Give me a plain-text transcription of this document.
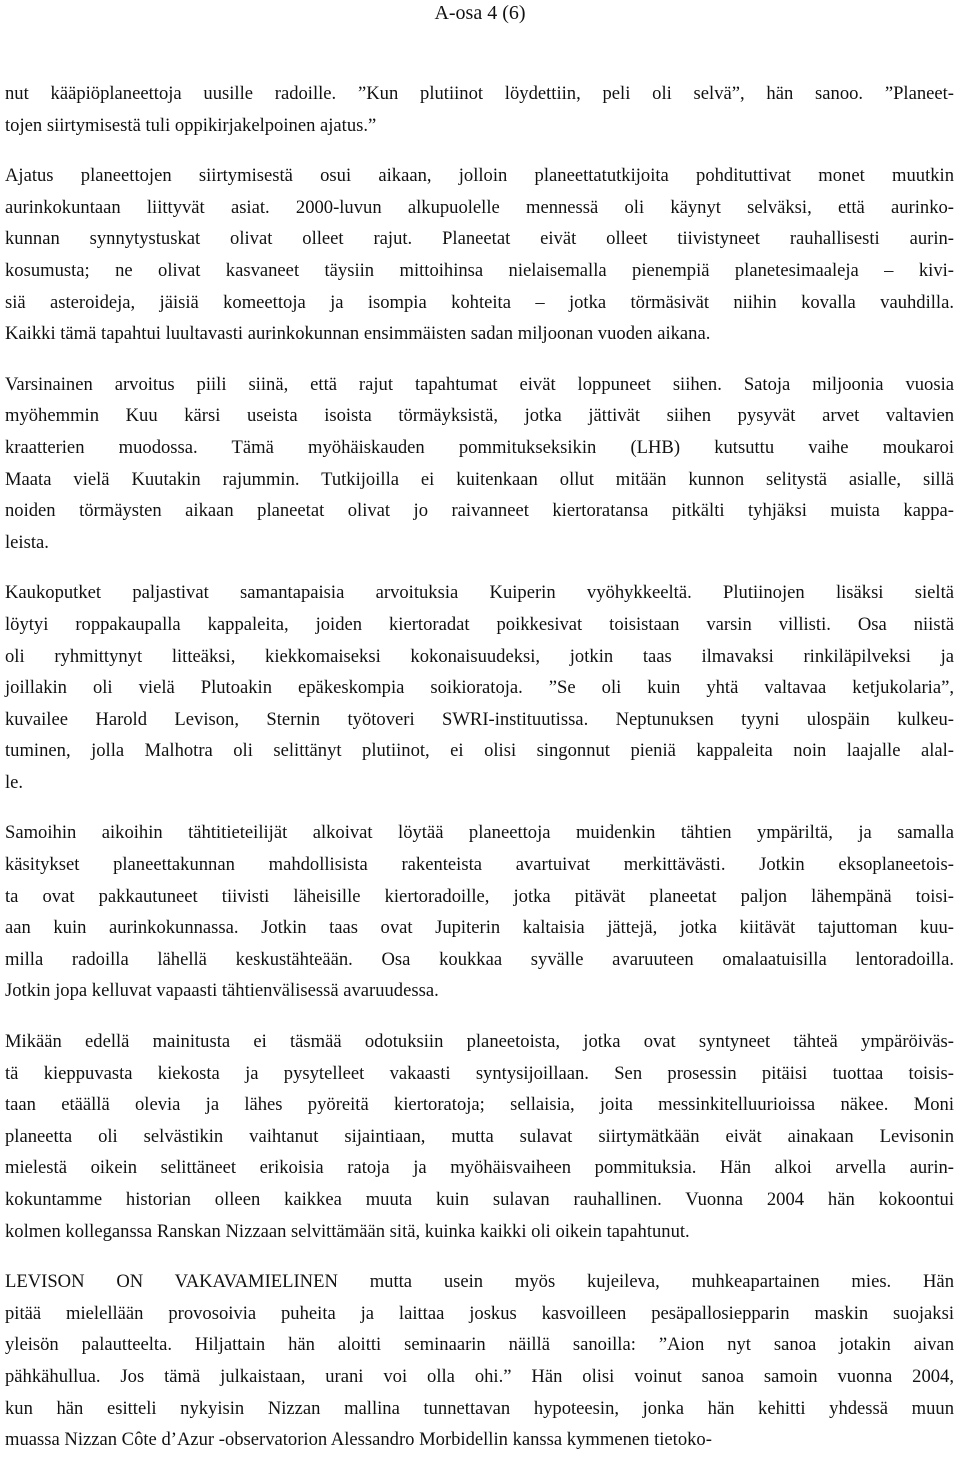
A-osa 4 (6)
nut kääpiöplaneettoja uusille radoille. ”Kun plutiinot löydettiin, peli oli selvä”, hän sanoo. ”Planeet-
tojen siirtymisestä tuli oppikirjakelpoinen ajatus.”
Ajatus planeettojen siirtymisestä osui aikaan, jolloin planeettatutkijoita pohdituttivat monet muutkin
aurinkokuntaan liittyvät asiat. 2000-luvun alkupuolelle mennessä oli käynyt selväksi, että aurinko-
kunnan synnytystuskat olivat olleet rajut. Planeetat eivät olleet tiivistyneet rauhallisesti aurin-
kosumusta; ne olivat kasvaneet täysiin mittoihinsa nielaisemalla pienempiä planetesimaaleja – kivi-
siä asteroideja, jäisiä komeettoja ja isompia kohteita – jotka törmäsivät niihin kovalla vauhdilla.
Kaikki tämä tapahtui luultavasti aurinkokunnan ensimmäisten sadan miljoonan vuoden aikana.
Varsinainen arvoitus piili siinä, että rajut tapahtumat eivät loppuneet siihen. Satoja miljoonia vuosia
myöhemmin Kuu kärsi useista isoista törmäyksistä, jotka jättivät siihen pysyvät arvet valtavien
kraatterien muodossa. Tämä myöhäiskauden pommitukseksikin (LHB) kutsuttu vaihe moukaroi
Maata vielä Kuutakin rajummin. Tutkijoilla ei kuitenkaan ollut mitään kunnon selitystä asialle, sillä
noiden törmäysten aikaan planeetat olivat jo raivanneet kiertoratansa pitkälti tyhjäksi muista kappa-
leista.
Kaukoputket paljastivat samantapaisia arvoituksia Kuiperin vyöhykkeeltä. Plutiinojen lisäksi sieltä
löytyi roppakaupalla kappaleita, joiden kiertoradat poikkesivat toisistaan varsin villisti. Osa niistä
oli ryhmittynyt litteäksi, kiekkomaiseksi kokonaisuudeksi, jotkin taas ilmavaksi rinkiläpilveksi ja
joillakin oli vielä Plutoakin epäkeskompia soikioratoja. ”Se oli kuin yhtä valtavaa ketjukolaria”,
kuvailee Harold Levison, Sternin työtoveri SWRI-instituutissa. Neptunuksen tyyni ulospäin kulkeu-
tuminen, jolla Malhotra oli selittänyt plutiinot, ei olisi singonnut pieniä kappaleita noin laajalle alal-
le.
Samoihin aikoihin tähtitieteilijät alkoivat löytää planeettoja muidenkin tähtien ympäriltä, ja samalla
käsitykset planeettakunnan mahdollisista rakenteista avartuivat merkittävästi. Jotkin eksoplaneetois-
ta ovat pakkautuneet tiivisti läheisille kiertoradoille, jotka pitävät planeetat paljon lähempänä toisi-
aan kuin aurinkokunnassa. Jotkin taas ovat Jupiterin kaltaisia jättejä, jotka kiitävät tajuttoman kuu-
milla radoilla lähellä keskustähteään. Osa koukkaa syvälle avaruuteen omalaatuisilla lentoradoilla.
Jotkin jopa kelluvat vapaasti tähtienvälisessä avaruudessa.
Mikään edellä mainitusta ei täsmää odotuksiin planeetoista, jotka ovat syntyneet tähteä ympäröiväs-
tä kieppuvasta kiekosta ja pysytelleet vakaasti syntysijoillaan. Sen prosessin pitäisi tuottaa toisis-
taan etäällä olevia ja lähes pyöreitä kiertoratoja; sellaisia, joita messinkitelluurioissa näkee. Moni
planeetta oli selvästikin vaihtanut sijaintiaan, mutta sulavat siirtymätkään eivät ainakaan Levisonin
mielestä oikein selittäneet erikoisia ratoja ja myöhäisvaiheen pommituksia. Hän alkoi arvella aurin-
kokuntamme historian olleen kaikkea muuta kuin sulavan rauhallinen. Vuonna 2004 hän kokoontui
kolmen kolleganssa Ranskan Nizzaan selvittämään sitä, kuinka kaikki oli oikein tapahtunut.
LEVISON ON VAKAVAMIELINEN mutta usein myös kujeileva, muhkeapartainen mies. Hän
pitää mielellään provosoivia puheita ja laittaa joskus kasvoilleen pesäpallosiepparin maskin suojaksi
yleisön palautteelta. Hiljattain hän aloitti seminaarin näillä sanoilla: ”Aion nyt sanoa jotakin aivan
pähkähullua. Jos tämä julkaistaan, urani voi olla ohi.” Hän olisi voinut sanoa samoin vuonna 2004,
kun hän esitteli nykyisin Nizzan mallina tunnettavan hypoteesin, jonka hän kehitti yhdessä muun
muassa Nizzan Côte d’Azur -observatorion Alessandro Morbidellin kanssa kymmenen tietoko-
